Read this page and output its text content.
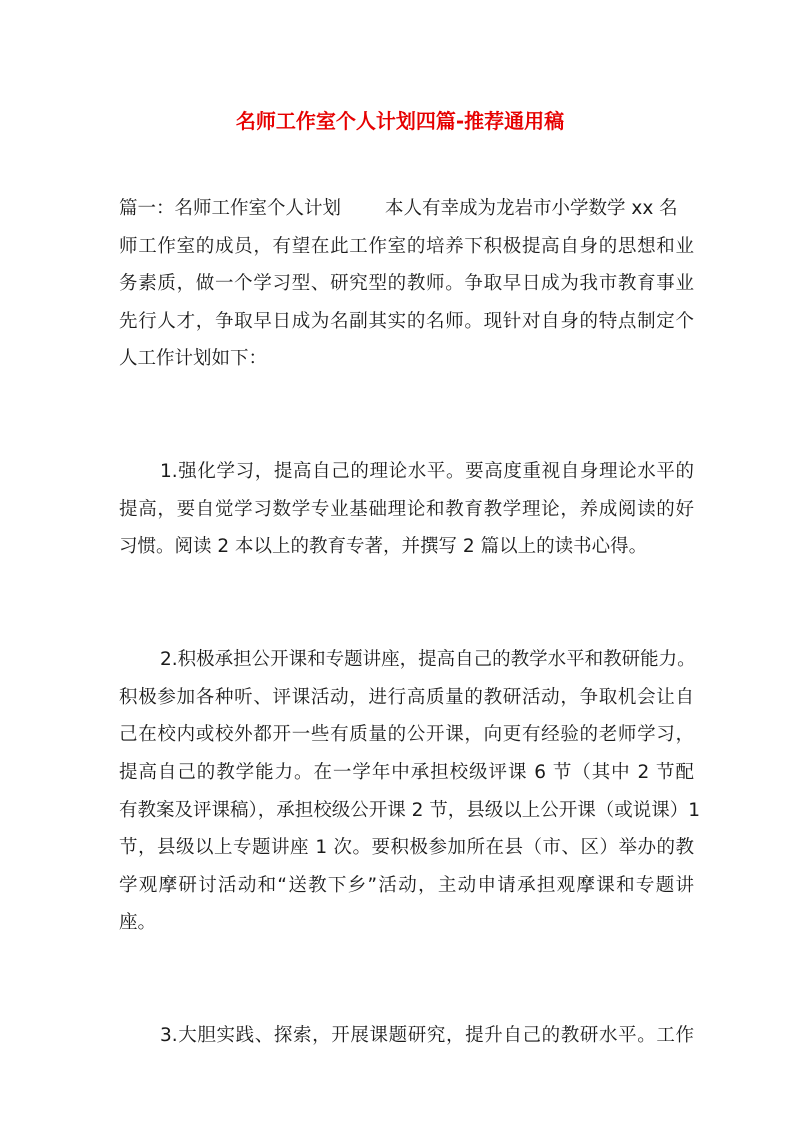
名师工作室个人计划四篇-推荐通用稿
篇一：名师工作室个人计划 本人有幸成为龙岩市小学数学 xx 名
师工作室的成员，有望在此工作室的培养下积极提高自身的思想和业
务素质，做一个学习型、研究型的教师。争取早日成为我市教育事业
先行人才，争取早日成为名副其实的名师。现针对自身的特点制定个
人工作计划如下：
1.强化学习，提高自己的理论水平。要高度重视自身理论水平的
提高，要自觉学习数学专业基础理论和教育教学理论，养成阅读的好
习惯。阅读 2 本以上的教育专著，并撰写 2 篇以上的读书心得。
2.积极承担公开课和专题讲座，提高自己的教学水平和教研能力。
积极参加各种听、评课活动，进行高质量的教研活动，争取机会让自
己在校内或校外都开一些有质量的公开课，向更有经验的老师学习，
提高自己的教学能力。在一学年中承担校级评课 6 节（其中 2 节配
有教案及评课稿），承担校级公开课 2 节，县级以上公开课（或说课）1
节，县级以上专题讲座 1 次。要积极参加所在县（市、区）举办的教
学观摩研讨活动和“送教下乡”活动，主动申请承担观摩课和专题讲
座。
3.大胆实践、探索，开展课题研究，提升自己的教研水平。工作
